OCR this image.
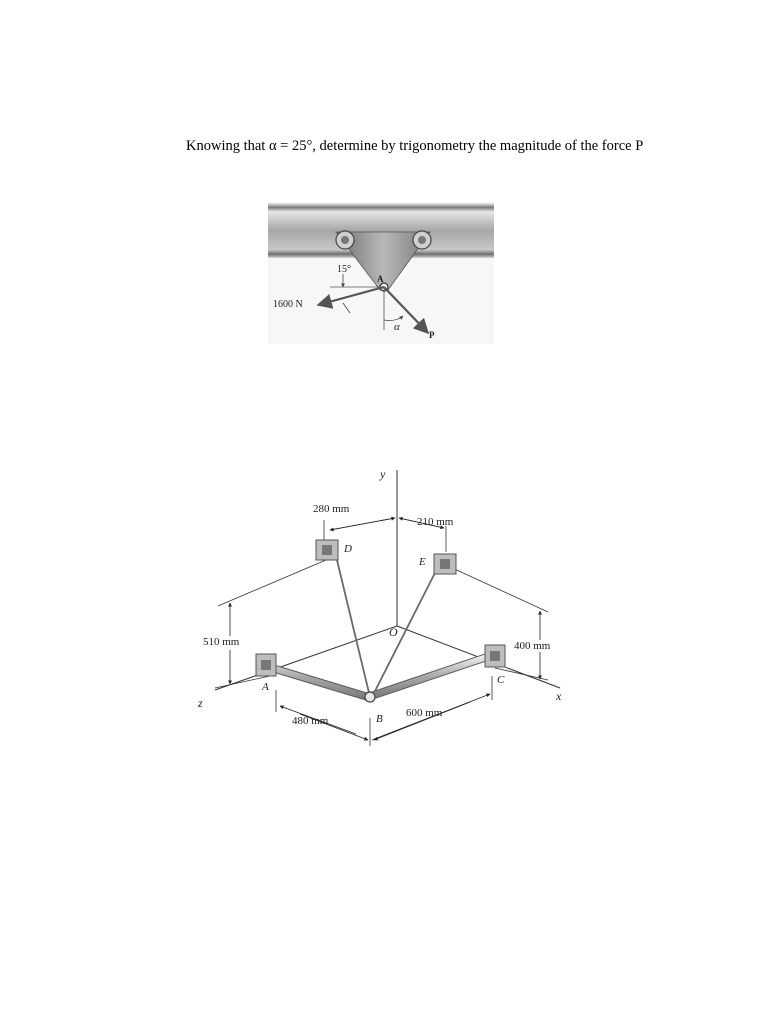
Knowing that α = 25°, determine by trigonometry the magnitude of the force P
15°
A
1600 N
α
P
y
x
z
O
280 mm
210 mm
510 mm	400 mm
480 mm
600 mm
A
B
C
D
E
